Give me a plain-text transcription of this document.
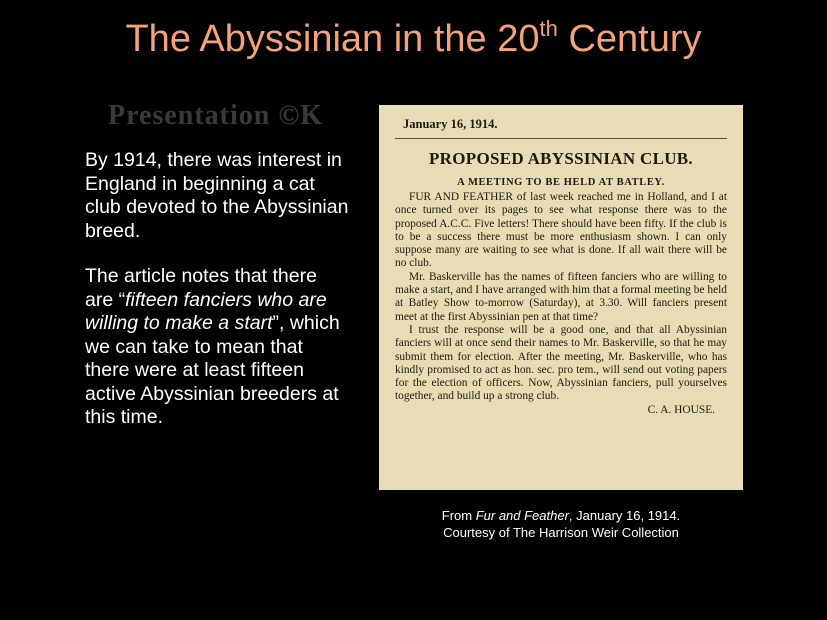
The Abyssinian in the 20th Century
Presentation ©K

By 1914, there was interest in England in beginning a cat club devoted to the Abyssinian breed.

The article notes that there are “fifteen fanciers who are willing to make a start”, which we can take to mean that there were at least fifteen active Abyssinian breeders at this time.

January 16, 1914.
PROPOSED ABYSSINIAN CLUB.
A MEETING TO BE HELD AT BATLEY.

FUR AND FEATHER of last week reached me in Holland, and I at once turned over its pages to see what response there was to the proposed A.C.C. Five letters! There should have been fifty. If the club is to be a success there must be more enthusiasm shown. I can only suppose many are waiting to see what is done. If all wait there will be no club.

Mr. Baskerville has the names of fifteen fanciers who are willing to make a start, and I have arranged with him that a formal meeting be held at Batley Show to-morrow (Saturday), at 3.30. Will fanciers present meet at the first Abyssinian pen at that time?

I trust the response will be a good one, and that all Abyssinian fanciers will at once send their names to Mr. Baskerville, so that he may submit them for election. After the meeting, Mr. Baskerville, who has kindly promised to act as hon. sec. pro tem., will send out voting papers for the election of officers. Now, Abyssinian fanciers, pull yourselves together, and build up a strong club.

C. A. HOUSE.
From Fur and Feather, January 16, 1914.
Courtesy of The Harrison Weir Collection
